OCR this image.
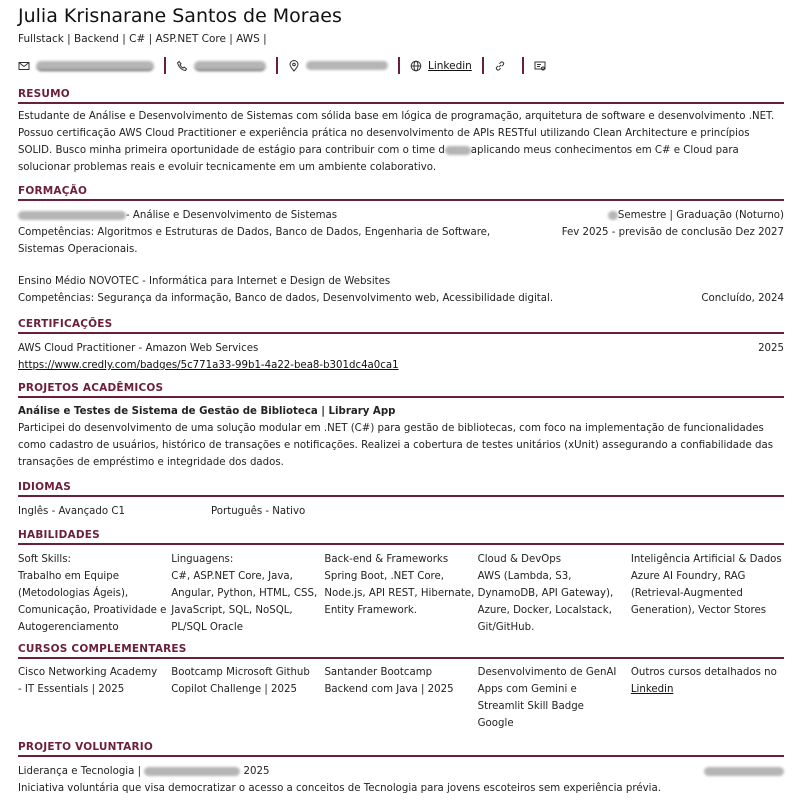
Julia Krisnarane Santos de Moraes
Fullstack | Backend | C# | ASP.NET Core | AWS |
Linkedin
RESUMO
Estudante de Análise e Desenvolvimento de Sistemas com sólida base em lógica de programação, arquitetura de software e desenvolvimento .NET. Possuo certificação AWS Cloud Practitioner e experiência prática no desenvolvimento de APIs RESTful utilizando Clean Architecture e princípios SOLID. Busco minha primeira oportunidade de estágio para contribuir com o time d	aplicando meus conhecimentos em C# e Cloud para solucionar problemas reais e evoluir tecnicamente em um ambiente colaborativo.
FORMAÇÃO
- Análise e Desenvolvimento de Sistemas	Semestre | Graduação (Noturno)
Competências: Algoritmos e Estruturas de Dados, Banco de Dados, Engenharia de Software, Sistemas Operacionais.
Fev 2025 - previsão de conclusão Dez 2027
Ensino Médio NOVOTEC - Informática para Internet e Design de Websites
Competências: Segurança da informação, Banco de dados, Desenvolvimento web, Acessibilidade digital.	Concluído, 2024
CERTIFICAÇÕES
AWS Cloud Practitioner - Amazon Web Services	2025
https://www.credly.com/badges/5c771a33-99b1-4a22-bea8-b301dc4a0ca1
PROJETOS ACADÊMICOS
Análise e Testes de Sistema de Gestão de Biblioteca | Library App
Participei do desenvolvimento de uma solução modular em .NET (C#) para gestão de bibliotecas, com foco na implementação de funcionalidades como cadastro de usuários, histórico de transações e notificações. Realizei a cobertura de testes unitários (xUnit) assegurando a confiabilidade das transações de empréstimo e integridade dos dados.
IDIOMAS
Inglês - Avançado C1	Português - Nativo
HABILIDADES
Soft Skills:
Trabalho em Equipe (Metodologias Ágeis), Comunicação, Proatividade e Autogerenciamento
Linguagens:
C#, ASP.NET Core, Java, Angular, Python, HTML, CSS, JavaScript, SQL, NoSQL, PL/SQL Oracle
Back-end & Frameworks
Spring Boot, .NET Core, Node.js, API REST, Hibernate, Entity Framework.
Cloud & DevOps
AWS (Lambda, S3, DynamoDB, API Gateway), Azure, Docker, Localstack, Git/GitHub.
Inteligência Artificial & Dados
Azure AI Foundry, RAG (Retrieval-Augmented Generation), Vector Stores
CURSOS COMPLEMENTARES
Cisco Networking Academy - IT Essentials | 2025
Bootcamp Microsoft Github Copilot Challenge | 2025
Santander Bootcamp Backend com Java | 2025
Desenvolvimento de GenAI Apps com Gemini e Streamlit Skill Badge Google
Outros cursos detalhados no
Linkedin
PROJETO VOLUNTARIO
Liderança e Tecnologia |	2025
Iniciativa voluntária que visa democratizar o acesso a conceitos de Tecnologia para jovens escoteiros sem experiência prévia.
